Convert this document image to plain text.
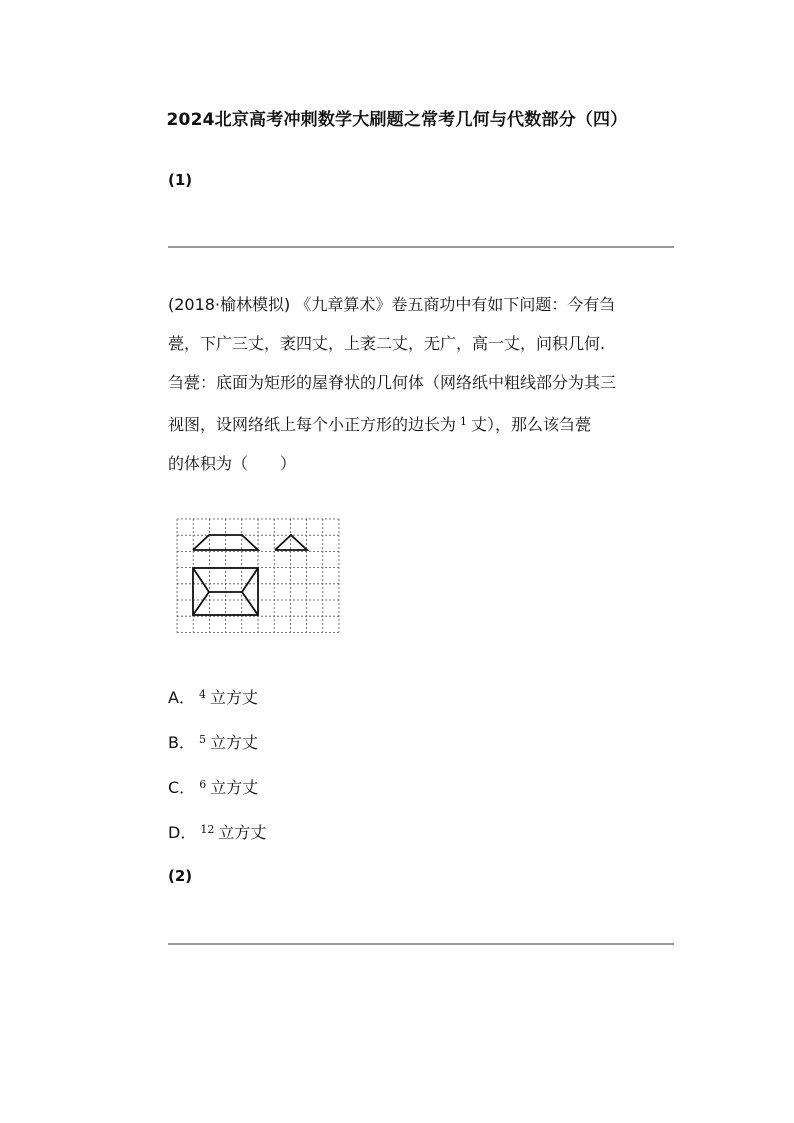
2024北京高考冲刺数学大刷题之常考几何与代数部分（四）
(1)
(2018·榆林模拟) 《九章算术》卷五商功中有如下问题：今有刍
甍，下广三丈，袤四丈，上袤二丈，无广，高一丈，问积几何.
刍甍：底面为矩形的屋脊状的几何体（网络纸中粗线部分为其三
视图，设网络纸上每个小正方形的边长为 $^1$ 丈），那么该刍甍
的体积为（　　）
A． $^4$ 立方丈
B． $^5$ 立方丈
C． $^6$ 立方丈
D． $^{12}$ 立方丈
(2)
